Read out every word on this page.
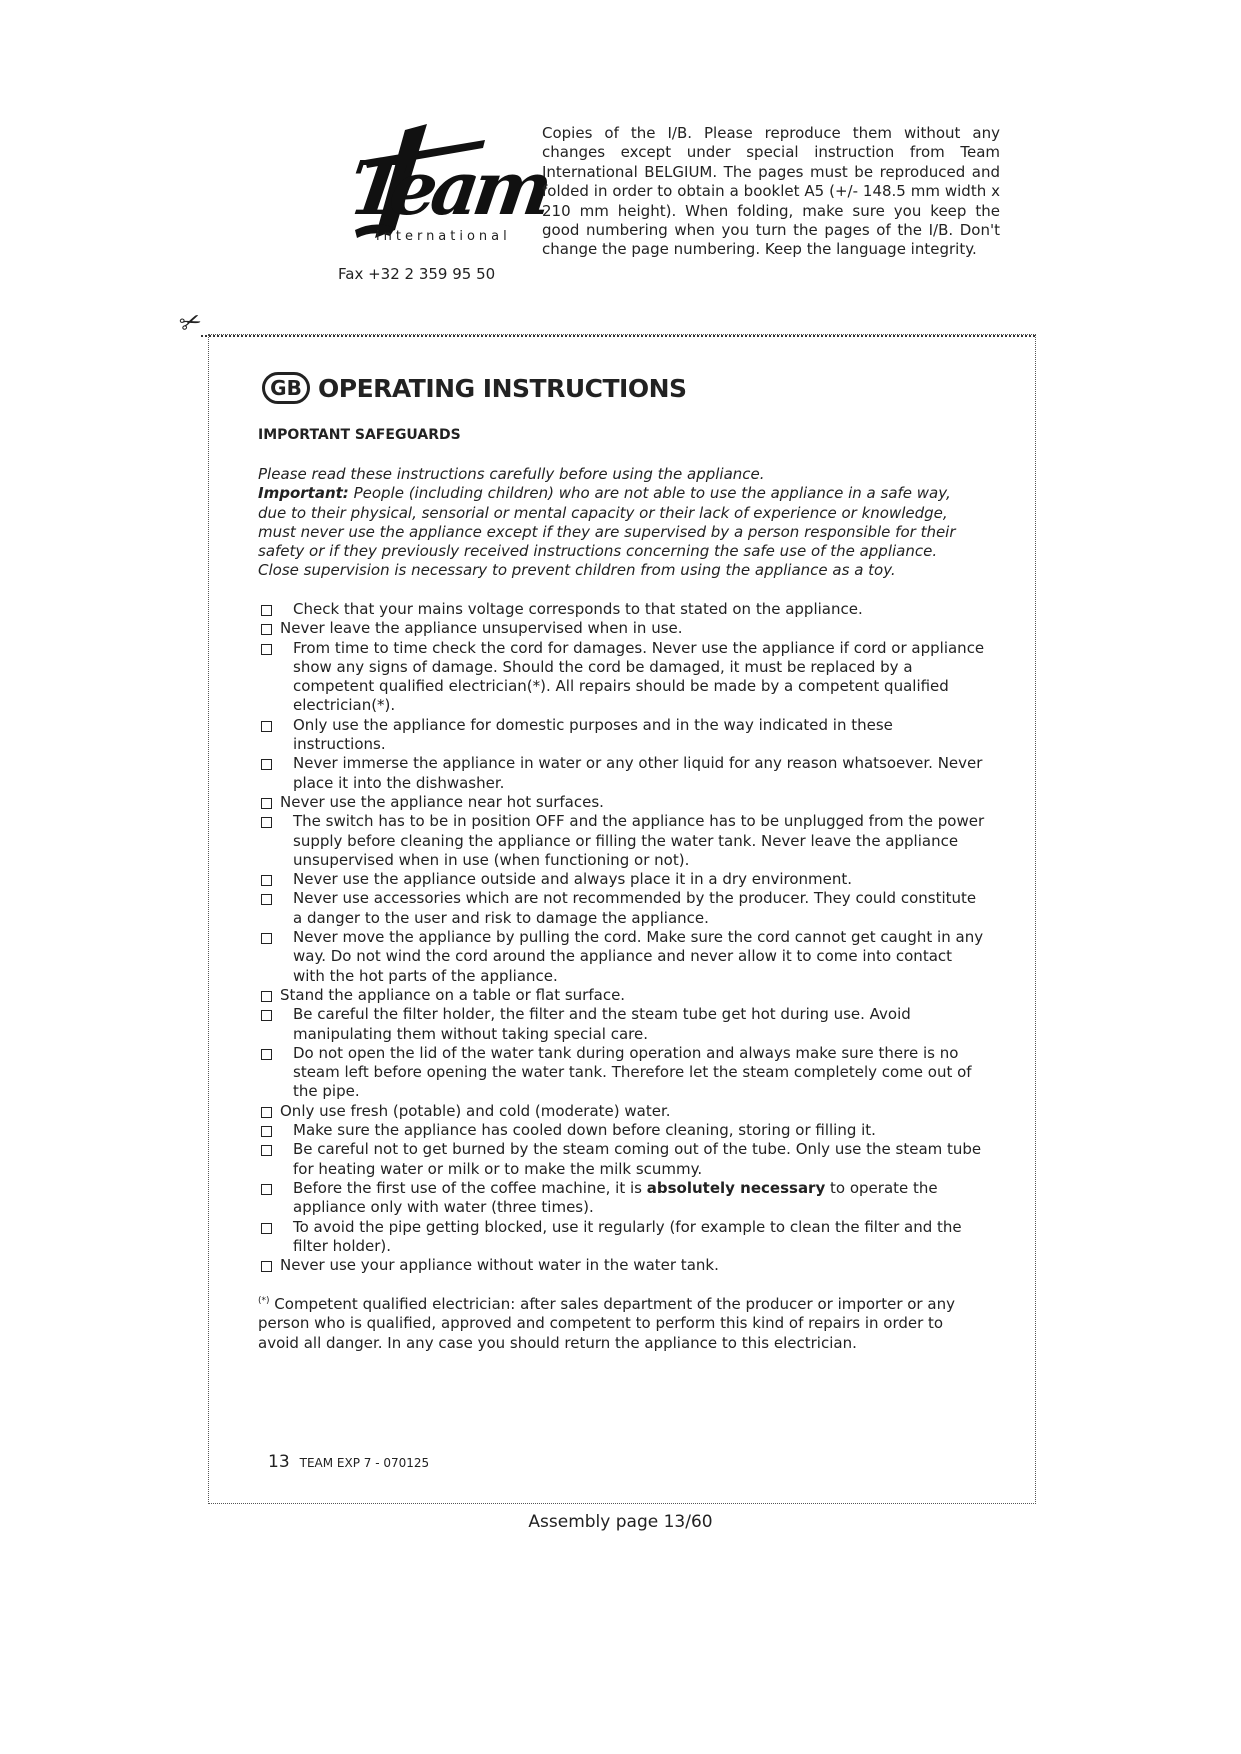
Team
international
Fax +32 2 359 95 50
Copies of the I/B. Please reproduce them without any changes except under special instruction from Team International BELGIUM. The pages must be reproduced and folded in order to obtain a booklet A5 (+/- 148.5 mm width x 210 mm height). When folding, make sure you keep the good numbering when you turn the pages of the I/B. Don't change the page numbering. Keep the language integrity.
✂
GB OPERATING INSTRUCTIONS
IMPORTANT SAFEGUARDS
Please read these instructions carefully before using the appliance.
Important: People (including children) who are not able to use the appliance in a safe way, due to their physical, sensorial or mental capacity or their lack of experience or knowledge, must never use the appliance except if they are supervised by a person responsible for their safety or if they previously received instructions concerning the safe use of the appliance. Close supervision is necessary to prevent children from using the appliance as a toy.
Check that your mains voltage corresponds to that stated on the appliance.
Never leave the appliance unsupervised when in use.
From time to time check the cord for damages. Never use the appliance if cord or appliance show any signs of damage. Should the cord be damaged, it must be replaced by a competent qualified electrician(*). All repairs should be made by a competent qualified electrician(*).
Only use the appliance for domestic purposes and in the way indicated in these instructions.
Never immerse the appliance in water or any other liquid for any reason whatsoever. Never place it into the dishwasher.
Never use the appliance near hot surfaces.
The switch has to be in position OFF and the appliance has to be unplugged from the power supply before cleaning the appliance or filling the water tank. Never leave the appliance unsupervised when in use (when functioning or not).
Never use the appliance outside and always place it in a dry environment.
Never use accessories which are not recommended by the producer. They could constitute a danger to the user and risk to damage the appliance.
Never move the appliance by pulling the cord. Make sure the cord cannot get caught in any way. Do not wind the cord around the appliance and never allow it to come into contact with the hot parts of the appliance.
Stand the appliance on a table or flat surface.
Be careful the filter holder, the filter and the steam tube get hot during use. Avoid manipulating them without taking special care.
Do not open the lid of the water tank during operation and always make sure there is no steam left before opening the water tank. Therefore let the steam completely come out of the pipe.
Only use fresh (potable) and cold (moderate) water.
Make sure the appliance has cooled down before cleaning, storing or filling it.
Be careful not to get burned by the steam coming out of the tube. Only use the steam tube for heating water or milk or to make the milk scummy.
Before the first use of the coffee machine, it is absolutely necessary to operate the appliance only with water (three times).
To avoid the pipe getting blocked, use it regularly (for example to clean the filter and the filter holder).
Never use your appliance without water in the water tank.
(*) Competent qualified electrician: after sales department of the producer or importer or any person who is qualified, approved and competent to perform this kind of repairs in order to avoid all danger. In any case you should return the appliance to this electrician.
13 TEAM EXP 7 - 070125
Assembly page 13/60
